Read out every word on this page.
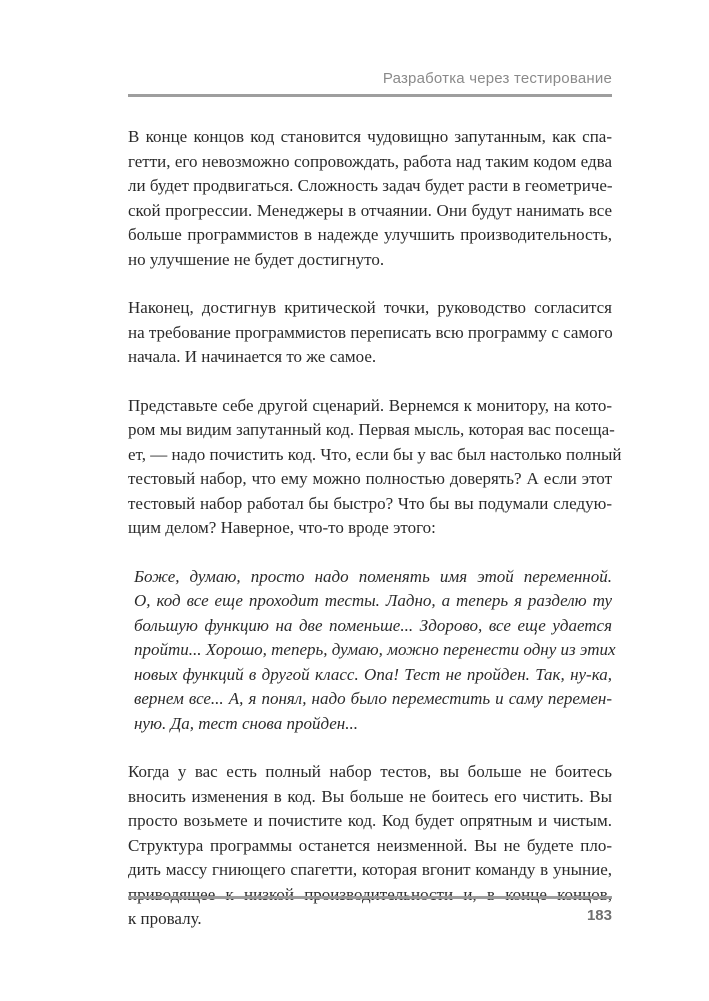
Разработка через тестирование
В конце концов код становится чудовищно запутанным, как спа-
гетти, его невозможно сопровождать, работа над таким кодом едва
ли будет продвигаться. Сложность задач будет расти в геометриче-
ской прогрессии. Менеджеры в отчаянии. Они будут нанимать все
больше программистов в надежде улучшить производительность,
но улучшение не будет достигнуто.
Наконец, достигнув критической точки, руководство согласится
на требование программистов переписать всю программу с самого
начала. И начинается то же самое.
Представьте себе другой сценарий. Вернемся к монитору, на кото-
ром мы видим запутанный код. Первая мысль, которая вас посеща-
ет, — надо почистить код. Что, если бы у вас был настолько полный
тестовый набор, что ему можно полностью доверять? А если этот
тестовый набор работал бы быстро? Что бы вы подумали следую-
щим делом? Наверное, что-то вроде этого:
Боже, думаю, просто надо поменять имя этой переменной.
О, код все еще проходит тесты. Ладно, а теперь я разделю ту
большую функцию на две поменьше... Здорово, все еще удается
пройти... Хорошо, теперь, думаю, можно перенести одну из этих
новых функций в другой класс. Опа! Тест не пройден. Так, ну-ка,
вернем все... А, я понял, надо было переместить и саму перемен-
ную. Да, тест снова пройден...
Когда у вас есть полный набор тестов, вы больше не боитесь
вносить изменения в код. Вы больше не боитесь его чистить. Вы
просто возьмете и почистите код. Код будет опрятным и чистым.
Структура программы останется неизменной. Вы не будете пло-
дить массу гниющего спагетти, которая вгонит команду в уныние,
приводящее к низкой производительности и, в конце концов,
к провалу.	183
